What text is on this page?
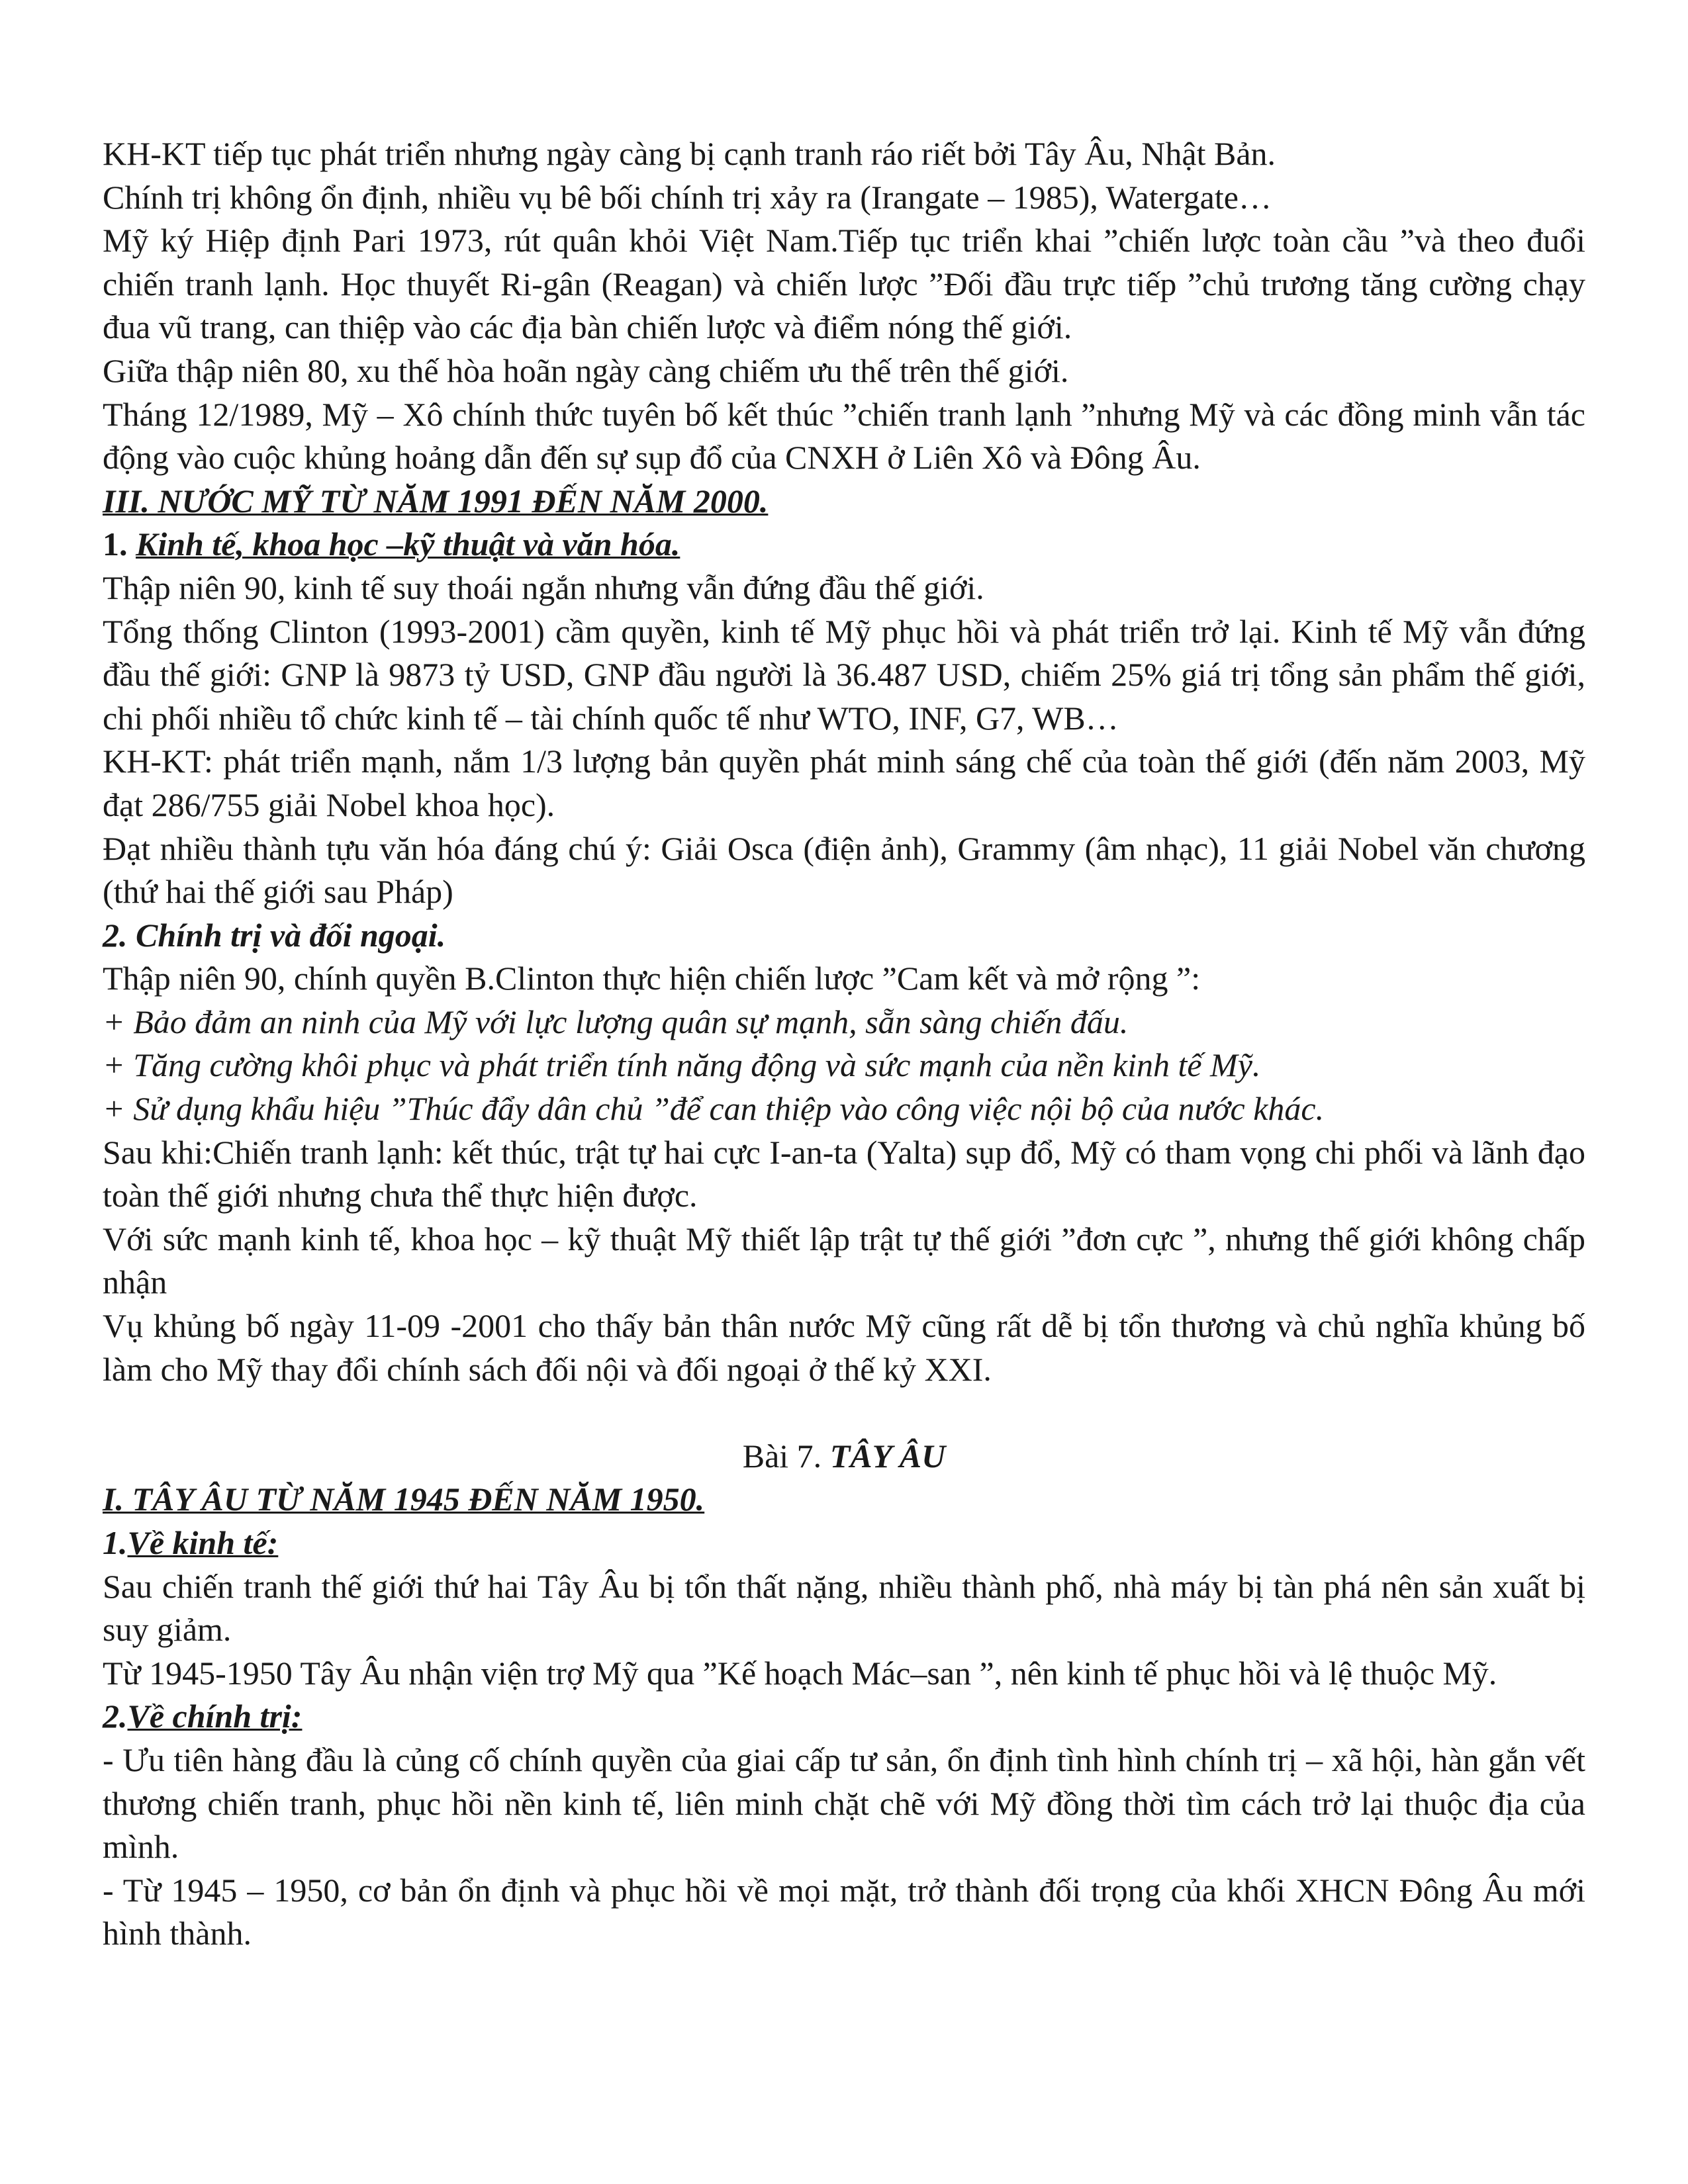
KH-KT tiếp tục phát triển nhưng ngày càng bị cạnh tranh ráo riết bởi Tây Âu, Nhật Bản.

Chính trị không ổn định, nhiều vụ bê bối chính trị xảy ra (Irangate – 1985), Watergate…

Mỹ ký Hiệp định Pari 1973, rút quân khỏi Việt Nam.Tiếp tục triển khai ”chiến lược toàn cầu ”và theo đuổi chiến tranh lạnh. Học thuyết Ri-gân (Reagan) và chiến lược ”Đối đầu trực tiếp ”chủ trương tăng cường chạy đua vũ trang, can thiệp vào các địa bàn chiến lược và điểm nóng thế giới.

Giữa thập niên 80, xu thế hòa hoãn ngày càng chiếm ưu thế trên thế giới.

Tháng 12/1989, Mỹ – Xô chính thức tuyên bố kết thúc ”chiến tranh lạnh ”nhưng Mỹ và các đồng minh vẫn tác động vào cuộc khủng hoảng dẫn đến sự sụp đổ của CNXH ở Liên Xô và Đông Âu.

III. NƯỚC MỸ TỪ NĂM 1991 ĐẾN NĂM 2000.

1. Kinh tế, khoa học –kỹ thuật và văn hóa.

Thập niên 90, kinh tế suy thoái ngắn nhưng vẫn đứng đầu thế giới.

Tổng thống Clinton (1993-2001) cầm quyền, kinh tế Mỹ phục hồi và phát triển trở lại. Kinh tế Mỹ vẫn đứng đầu thế giới: GNP là 9873 tỷ USD, GNP đầu người là 36.487 USD, chiếm 25% giá trị tổng sản phẩm thế giới, chi phối nhiều tổ chức kinh tế – tài chính quốc tế như WTO, INF, G7, WB…

KH-KT: phát triển mạnh, nắm 1/3 lượng bản quyền phát minh sáng chế của toàn thế giới (đến năm 2003, Mỹ đạt 286/755 giải Nobel khoa học).

Đạt nhiều thành tựu văn hóa đáng chú ý: Giải Osca (điện ảnh), Grammy (âm nhạc), 11 giải Nobel văn chương (thứ hai thế giới sau Pháp)

2. Chính trị và đối ngoại.

Thập niên 90, chính quyền B.Clinton thực hiện chiến lược ”Cam kết và mở rộng ”:

+ Bảo đảm an ninh của Mỹ với lực lượng quân sự mạnh, sẵn sàng chiến đấu.

+ Tăng cường khôi phục và phát triển tính năng động và sức mạnh của nền kinh tế Mỹ.

+ Sử dụng khẩu hiệu ”Thúc đẩy dân chủ ”để can thiệp vào công việc nội bộ của nước khác.

Sau khi:Chiến tranh lạnh: kết thúc, trật tự hai cực I-an-ta (Yalta) sụp đổ, Mỹ có tham vọng chi phối và lãnh đạo toàn thế giới nhưng chưa thể thực hiện được.

Với sức mạnh kinh tế, khoa học – kỹ thuật Mỹ thiết lập trật tự thế giới ”đơn cực ”, nhưng thế giới không chấp nhận

Vụ khủng bố ngày 11-09 -2001 cho thấy bản thân nước Mỹ cũng rất dễ bị tổn thương và chủ nghĩa khủng bố làm cho Mỹ thay đổi chính sách đối nội và đối ngoại ở thế kỷ XXI.

Bài 7. TÂY ÂU

I. TÂY ÂU TỪ NĂM 1945 ĐẾN NĂM 1950.

1.Về kinh tế:

Sau chiến tranh thế giới thứ hai Tây Âu bị tổn thất nặng, nhiều thành phố, nhà máy bị tàn phá nên sản xuất bị suy giảm.

Từ 1945-1950 Tây Âu nhận viện trợ Mỹ qua ”Kế hoạch Mác–san ”, nên kinh tế phục hồi và lệ thuộc Mỹ.

2.Về chính trị:

- Ưu tiên hàng đầu là củng cố chính quyền của giai cấp tư sản, ổn định tình hình chính trị – xã hội, hàn gắn vết thương chiến tranh, phục hồi nền kinh tế, liên minh chặt chẽ với Mỹ đồng thời tìm cách trở lại thuộc địa của mình.

- Từ 1945 – 1950, cơ bản ổn định và phục hồi về mọi mặt, trở thành đối trọng của khối XHCN Đông Âu mới hình thành.
